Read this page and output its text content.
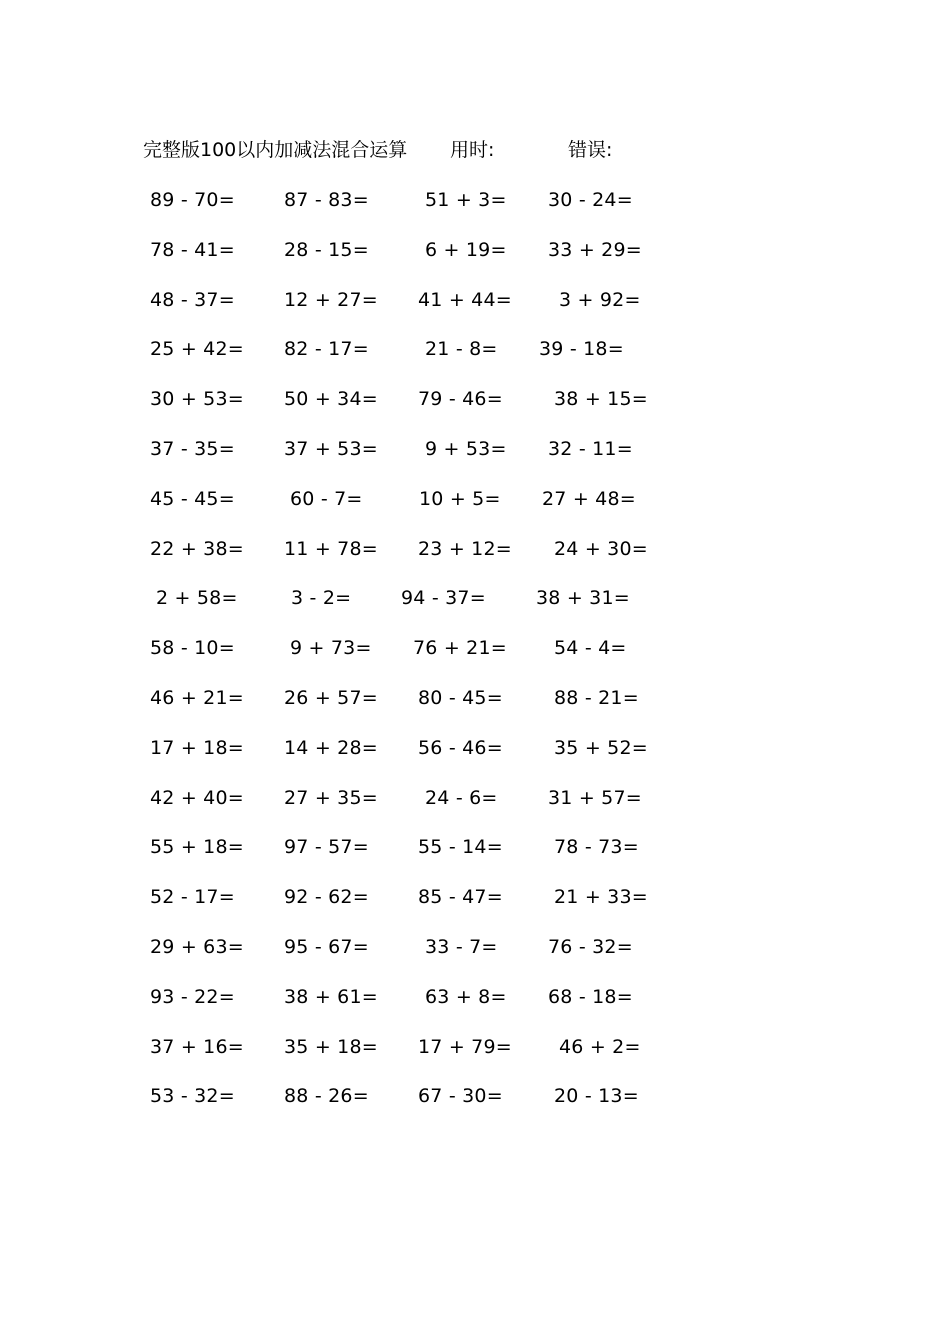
完整版100以内加减法混合运算 用时:	错误:
89 - 70=	87 - 83=	51 + 3= 30 - 24=
78 - 41=	28 - 15=	6 + 19= 33 + 29=
48 - 37=	12 + 27= 41 + 44= 3 + 92=
25 + 42= 82 - 17=	21 - 8= 39 - 18=
30 + 53= 50 + 34= 79 - 46=	38 + 15=
37 - 35=	37 + 53= 9 + 53= 32 - 11=
45 - 45=	60 - 7=	10 + 5= 27 + 48=
22 + 38= 11 + 78= 23 + 12= 24 + 30=
2 + 58=	3 - 2=	94 - 37=	38 + 31=
58 - 10=	9 + 73= 76 + 21= 54 - 4=
46 + 21= 26 + 57= 80 - 45=	88 - 21=
17 + 18= 14 + 28= 56 - 46=	35 + 52=
42 + 40= 27 + 35= 24 - 6=	31 + 57=
55 + 18= 97 - 57=	55 - 14=	78 - 73=
52 - 17=	92 - 62=	85 - 47=	21 + 33=
29 + 63= 95 - 67=	33 - 7=	76 - 32=
93 - 22=	38 + 61= 63 + 8= 68 - 18=
37 + 16= 35 + 18= 17 + 79= 46 + 2=
53 - 32=	88 - 26=	67 - 30=	20 - 13=
